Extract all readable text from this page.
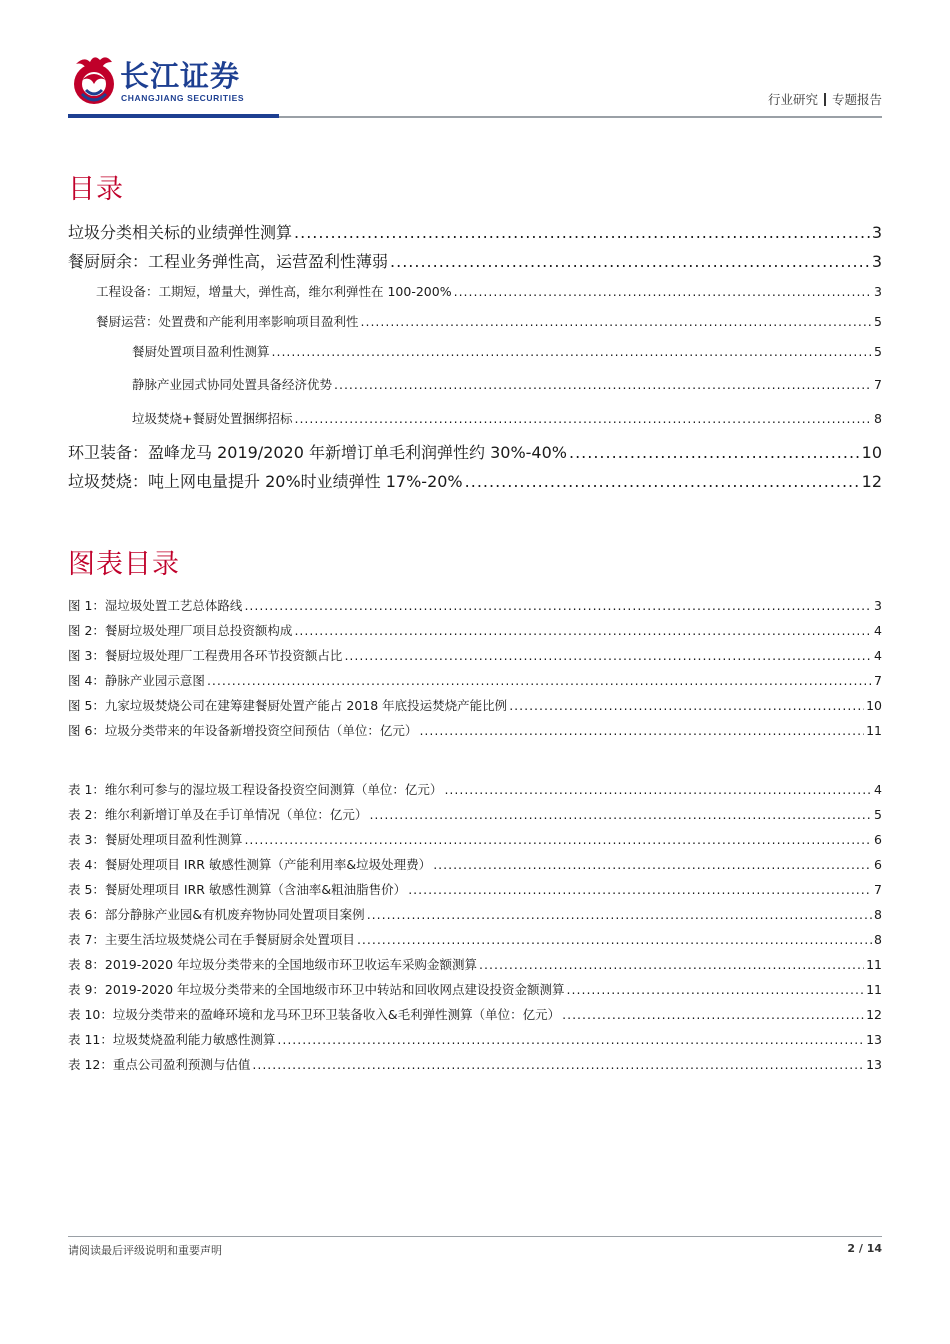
长江证券
CHANGJIANG SECURITIES	行业研究 专题报告
目录
垃圾分类相关标的业绩弹性测算 .....	3
餐厨厨余：工程业务弹性高，运营盈利性薄弱 .....	3
工程设备：工期短，增量大，弹性高，维尔利弹性在 100-200% .....	3
餐厨运营：处置费和产能利用率影响项目盈利性 .....	5
餐厨处置项目盈利性测算 .....	5
静脉产业园式协同处置具备经济优势 .....	7
垃圾焚烧+餐厨处置捆绑招标 .....	8
环卫装备：盈峰龙马 2019/2020 年新增订单毛利润弹性约 30%-40% .....	10
垃圾焚烧：吨上网电量提升 20%时业绩弹性 17%-20% .....	12
图表目录
图 1：湿垃圾处置工艺总体路线 .....	3
图 2：餐厨垃圾处理厂项目总投资额构成 .....	4
图 3：餐厨垃圾处理厂工程费用各环节投资额占比 .....	4
图 4：静脉产业园示意图 .....	7
图 5：九家垃圾焚烧公司在建筹建餐厨处置产能占 2018 年底投运焚烧产能比例 .....	10
图 6：垃圾分类带来的年设备新增投资空间预估（单位：亿元） .....	11
表 1：维尔利可参与的湿垃圾工程设备投资空间测算（单位：亿元） .....	4
表 2：维尔利新增订单及在手订单情况（单位：亿元） .....	5
表 3：餐厨处理项目盈利性测算 .....	6
表 4：餐厨处理项目 IRR 敏感性测算（产能利用率&垃圾处理费） .....	6
表 5：餐厨处理项目 IRR 敏感性测算（含油率&粗油脂售价） .....	7
表 6：部分静脉产业园&有机废弃物协同处置项目案例 .....	8
表 7：主要生活垃圾焚烧公司在手餐厨厨余处置项目 .....	8
表 8：2019-2020 年垃圾分类带来的全国地级市环卫收运车采购金额测算 .....	11
表 9：2019-2020 年垃圾分类带来的全国地级市环卫中转站和回收网点建设投资金额测算 .....	11
表 10：垃圾分类带来的盈峰环境和龙马环卫环卫装备收入&毛利弹性测算（单位：亿元） .....	12
表 11：垃圾焚烧盈利能力敏感性测算 .....	13
表 12：重点公司盈利预测与估值 .....	13
请阅读最后评级说明和重要声明	2 / 14
